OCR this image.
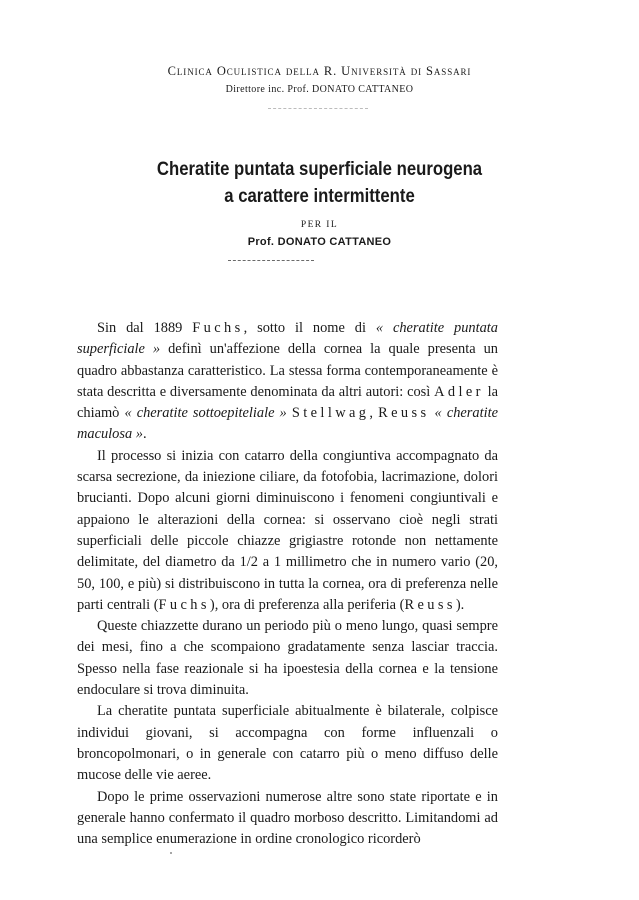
Clinica Oculistica della R. Università di Sassari
Direttore inc. Prof. DONATO CATTANEO
Cheratite puntata superficiale neurogena
a carattere intermittente
PER IL
Prof. DONATO CATTANEO

Sin dal 1889 Fuchs, sotto il nome di « cheratite puntata superficiale » definì un'affezione della cornea la quale presenta un quadro abbastanza caratteristico. La stessa forma contemporaneamente è stata descritta e diversamente denominata da altri autori: così Adler la chiamò « cheratite sottoepiteliale » Stellwag, Reuss « cheratite maculosa ».

Il processo si inizia con catarro della congiuntiva accompagnato da scarsa secrezione, da iniezione ciliare, da fotofobia, lacrimazione, dolori brucianti. Dopo alcuni giorni diminuiscono i fenomeni congiuntivali e appaiono le alterazioni della cornea: si osservano cioè negli strati superficiali delle piccole chiazze grigiastre rotonde non nettamente delimitate, del diametro da 1/2 a 1 millimetro che in numero vario (20, 50, 100, e più) si distribuiscono in tutta la cornea, ora di preferenza nelle parti centrali (Fuchs), ora di preferenza alla periferia (Reuss).

Queste chiazzette durano un periodo più o meno lungo, quasi sempre dei mesi, fino a che scompaiono gradatamente senza lasciar traccia. Spesso nella fase reazionale si ha ipoestesia della cornea e la tensione endoculare si trova diminuita.

La cheratite puntata superficiale abitualmente è bilaterale, colpisce individui giovani, si accompagna con forme influenzali o broncopolmonari, o in generale con catarro più o meno diffuso delle mucose delle vie aeree.

Dopo le prime osservazioni numerose altre sono state riportate e in generale hanno confermato il quadro morboso descritto. Limitandomi ad una semplice enumerazione in ordine cronologico ricorderò
